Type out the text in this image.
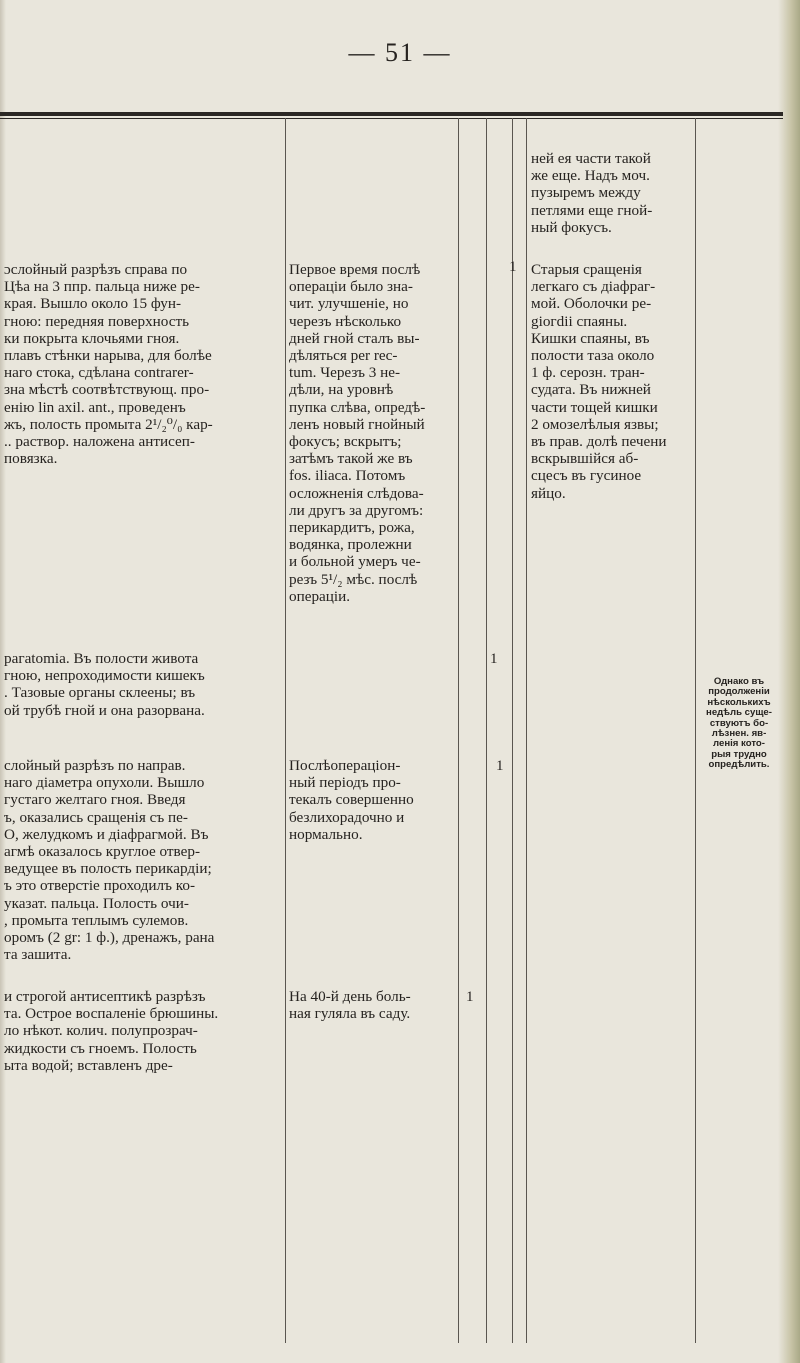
— 51 —
ɔслойный разрѣзъ справа по
Цѣа на 3 ппр. пальца ниже ре-
края. Вышло около 15 фун-
гною: передняя поверхность
ки покрыта клочьями гноя.
плавъ стѣнки нарыва, для болѣе
наго стока, сдѣлана contrarer-
зна мѣстѣ соотвѣтствующ. про-
енію lin axil. ant., проведенъ
жъ, полость промыта 2¹/₂⁰/₀ кар-
.. раствор. наложена антисеп-
повязка.
рагаtomia. Въ полости живота
гною, непроходимости кишекъ
. Тазовые органы склеены; въ
ой трубѣ гной и она разорвана.
слойный разрѣзъ по направ.
наго діаметра опухоли. Вышло
густаго желтаго гноя. Введя
ъ, оказались сращенія съ пе-
О, желудкомъ и діафрагмой. Въ
агмѣ оказалось круглое отвер-
ведущее въ полость перикардіи;
ъ это отверстіе проходилъ ко-
указат. пальца. Полость очи-
, промыта теплымъ сулемов.
оромъ (2 gr: 1 ф.), дренажъ, рана
та зашита.
и строгой антисептикѣ разрѣзъ
та. Острое воспаленіе брюшины.
ло нѣкот. колич. полупрозрач-
жидкости съ гноемъ. Полость
ыта водой; вставленъ дре-
Первое время послѣ
операціи было зна-
чит. улучшеніе, но
черезъ нѣсколько
дней гной сталъ вы-
дѣляться per rec-
tum. Черезъ 3 не-
дѣли, на уровнѣ
пупка слѣва, опредѣ-
ленъ новый гнойный
фокусъ; вскрытъ;
затѣмъ такой же въ
fos. iliaca. Потомъ
осложненія слѣдова-
ли другъ за другомъ:
перикардитъ, рожа,
водянка, пролежни
и больной умеръ че-
резъ 5¹/₂ мѣс. послѣ
операціи.
Послѣопераціон-
ный періодъ про-
текалъ совершенно
безлихорадочно и
нормально.
На 40-й день боль-
ная гуляла въ саду.
1
1
1
1
ней ея части такой
же еще. Надъ моч.
пузыремъ между
петлями еще гной-
ный фокусъ.
Старыя сращенія
легкаго съ діафраг-
мой. Оболочки ре-
giогdii спаяны.
Кишки спаяны, въ
полости таза около
1 ф. серозн. тран-
судата. Въ нижней
части тощей кишки
2 омозелѣлыя язвы;
въ прав. долѣ печени
вскрывшійся аб-
сцесъ въ гусиное
яйцо.
Однако въ
продолженіи
нѣсколькихъ
недѣль суще-
ствуютъ бо-
лѣзнен. яв-
ленія кото-
рыя трудно
опредѣлить.
